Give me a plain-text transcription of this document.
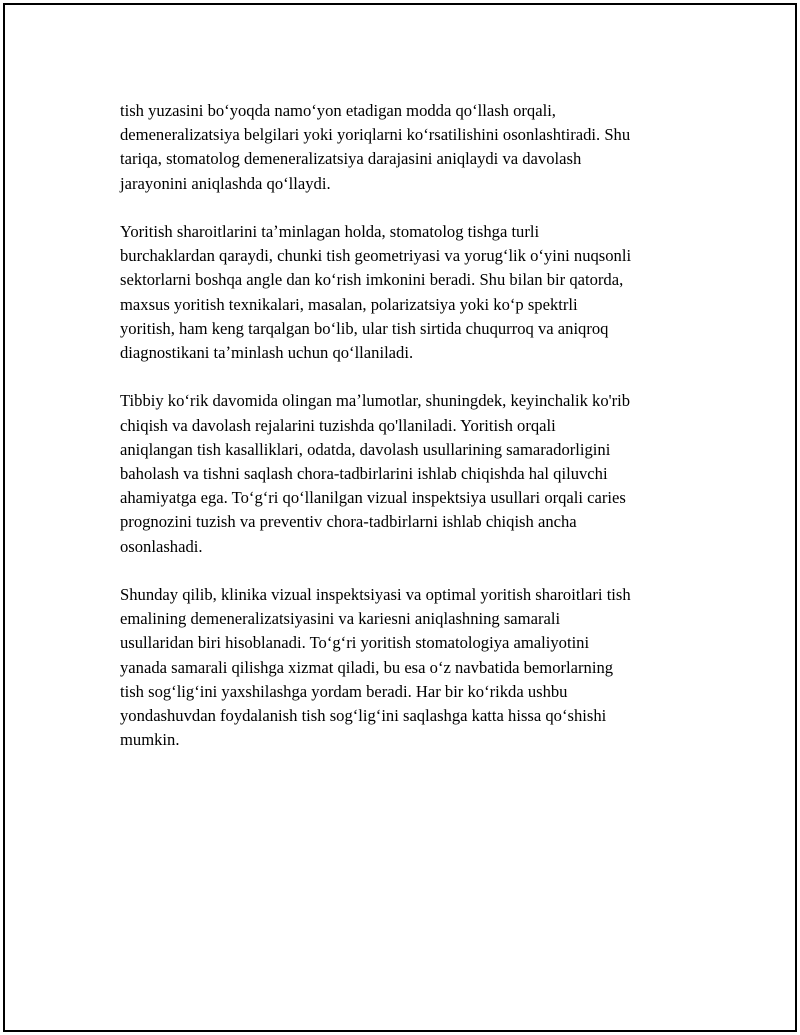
tish yuzasini boʻyoqda namoʻyon etadigan modda qoʻllash orqali,
demeneralizatsiya belgilari yoki yoriqlarni koʻrsatilishini osonlashtiradi. Shu
tariqa, stomatolog demeneralizatsiya darajasini aniqlaydi va davolash
jarayonini aniqlashda qoʻllaydi.

Yoritish sharoitlarini taʼminlagan holda, stomatolog tishga turli
burchaklardan qaraydi, chunki tish geometriyasi va yorugʻlik oʻyini nuqsonli
sektorlarni boshqa angle dan koʻrish imkonini beradi. Shu bilan bir qatorda,
maxsus yoritish texnikalari, masalan, polarizatsiya yoki koʻp spektrli
yoritish, ham keng tarqalgan boʻlib, ular tish sirtida chuqurroq va aniqroq
diagnostikani taʼminlash uchun qoʻllaniladi.

Tibbiy koʻrik davomida olingan maʼlumotlar, shuningdek, keyinchalik ko'rib
chiqish va davolash rejalarini tuzishda qo'llaniladi. Yoritish orqali
aniqlangan tish kasalliklari, odatda, davolash usullarining samaradorligini
baholash va tishni saqlash chora-tadbirlarini ishlab chiqishda hal qiluvchi
ahamiyatga ega. Toʻgʻri qoʻllanilgan vizual inspektsiya usullari orqali caries
prognozini tuzish va preventiv chora-tadbirlarni ishlab chiqish ancha
osonlashadi.

Shunday qilib, klinika vizual inspektsiyasi va optimal yoritish sharoitlari tish
emalining demeneralizatsiyasini va kariesni aniqlashning samarali
usullaridan biri hisoblanadi. Toʻgʻri yoritish stomatologiya amaliyotini
yanada samarali qilishga xizmat qiladi, bu esa oʻz navbatida bemorlarning
tish sogʻligʻini yaxshilashga yordam beradi. Har bir koʻrikda ushbu
yondashuvdan foydalanish tish sogʻligʻini saqlashga katta hissa qoʻshishi
mumkin.
